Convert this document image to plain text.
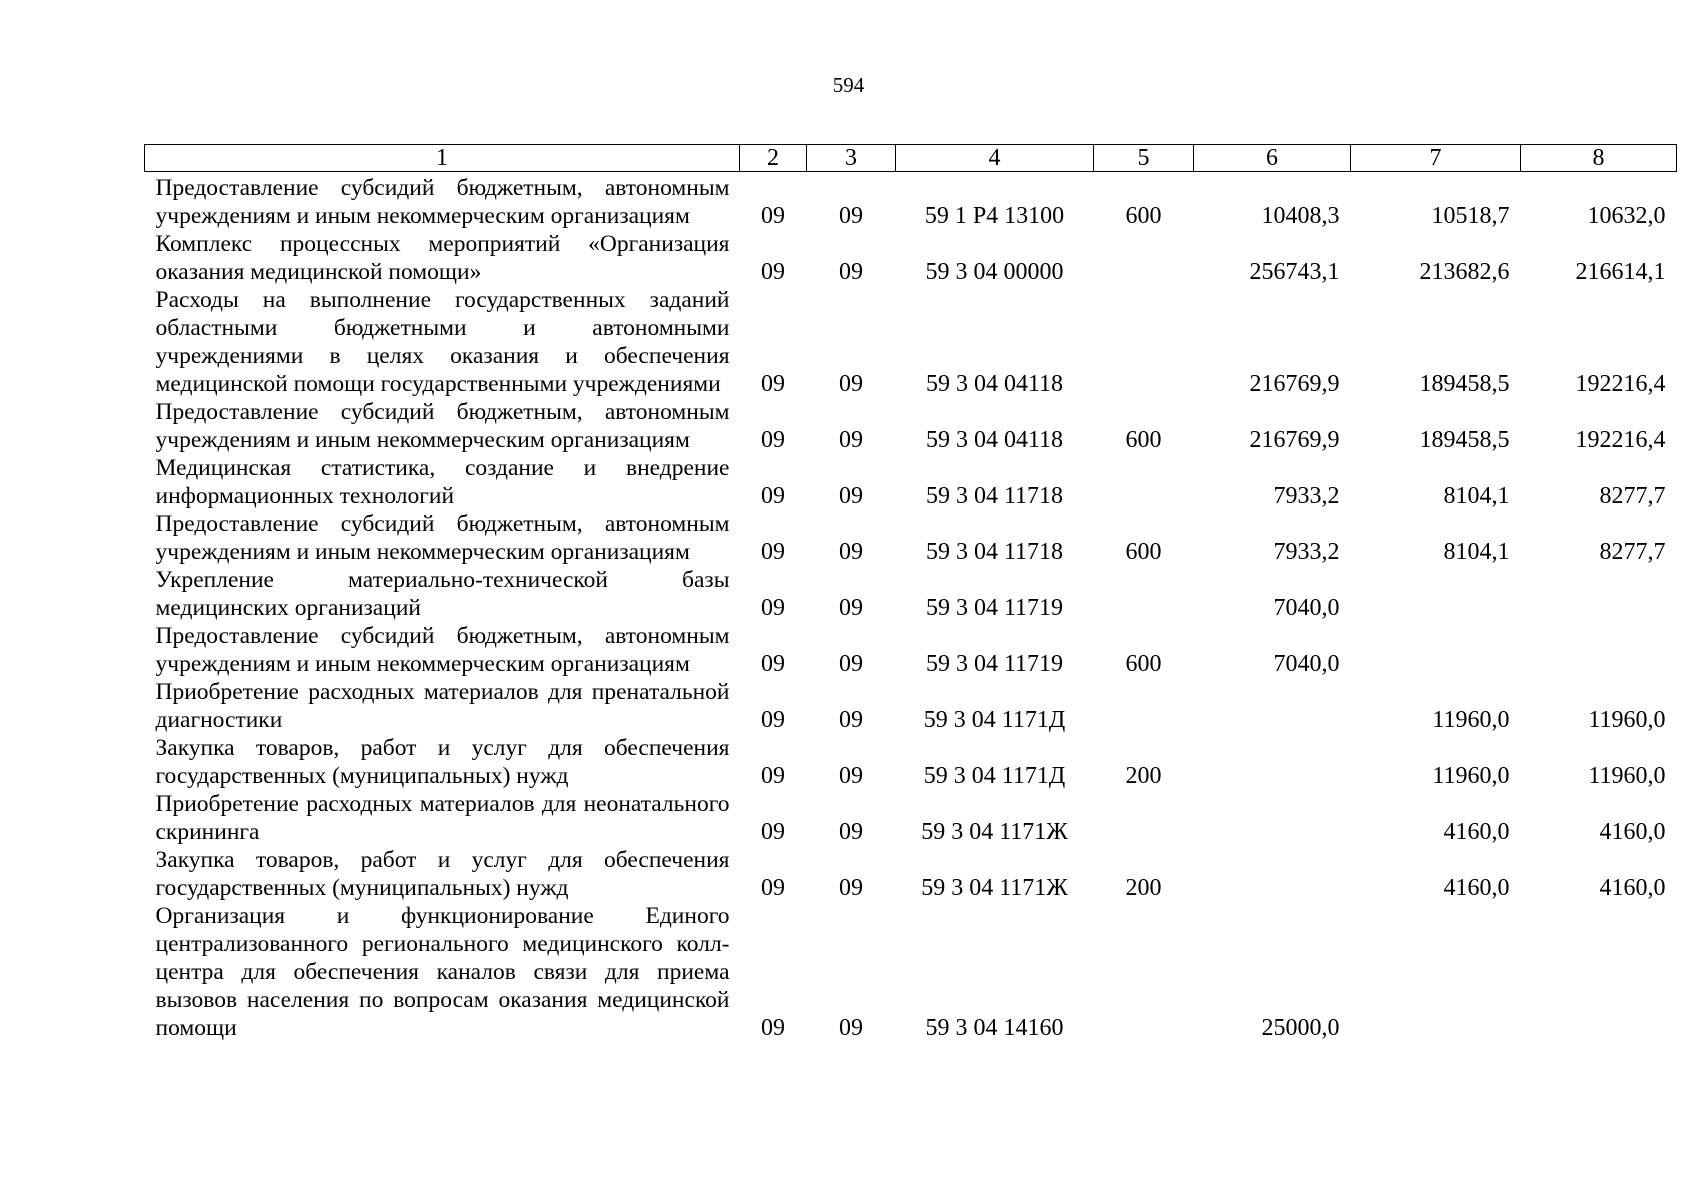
594
1	2	3	4	5	6	7	8
Предоставление субсидий бюджетным, автономным учреждениям и иным некоммерческим организациям	09	09	59 1 Р4 13100	600	10408,3	10518,7	10632,0
Комплекс процессных мероприятий «Организация оказания медицинской помощи»	09	09	59 3 04 00000		256743,1	213682,6	216614,1
Расходы на выполнение государственных заданий областными бюджетными и автономными учреждениями в целях оказания и обеспечения медицинской помощи государственными учреждениями	09	09	59 3 04 04118		216769,9	189458,5	192216,4
Предоставление субсидий бюджетным, автономным учреждениям и иным некоммерческим организациям	09	09	59 3 04 04118	600	216769,9	189458,5	192216,4
Медицинская статистика, создание и внедрение информационных технологий	09	09	59 3 04 11718		7933,2	8104,1	8277,7
Предоставление субсидий бюджетным, автономным учреждениям и иным некоммерческим организациям	09	09	59 3 04 11718	600	7933,2	8104,1	8277,7
Укрепление материально-технической базы медицинских организаций	09	09	59 3 04 11719		7040,0		
Предоставление субсидий бюджетным, автономным учреждениям и иным некоммерческим организациям	09	09	59 3 04 11719	600	7040,0		
Приобретение расходных материалов для пренатальной диагностики	09	09	59 3 04 1171Д			11960,0	11960,0
Закупка товаров, работ и услуг для обеспечения государственных (муниципальных) нужд	09	09	59 3 04 1171Д	200		11960,0	11960,0
Приобретение расходных материалов для неонатального скрининга	09	09	59 3 04 1171Ж			4160,0	4160,0
Закупка товаров, работ и услуг для обеспечения государственных (муниципальных) нужд	09	09	59 3 04 1171Ж	200		4160,0	4160,0
Организация и функционирование Единого централизованного регионального медицинского колл-центра для обеспечения каналов связи для приема вызовов населения по вопросам оказания медицинской помощи	09	09	59 3 04 14160		25000,0		
